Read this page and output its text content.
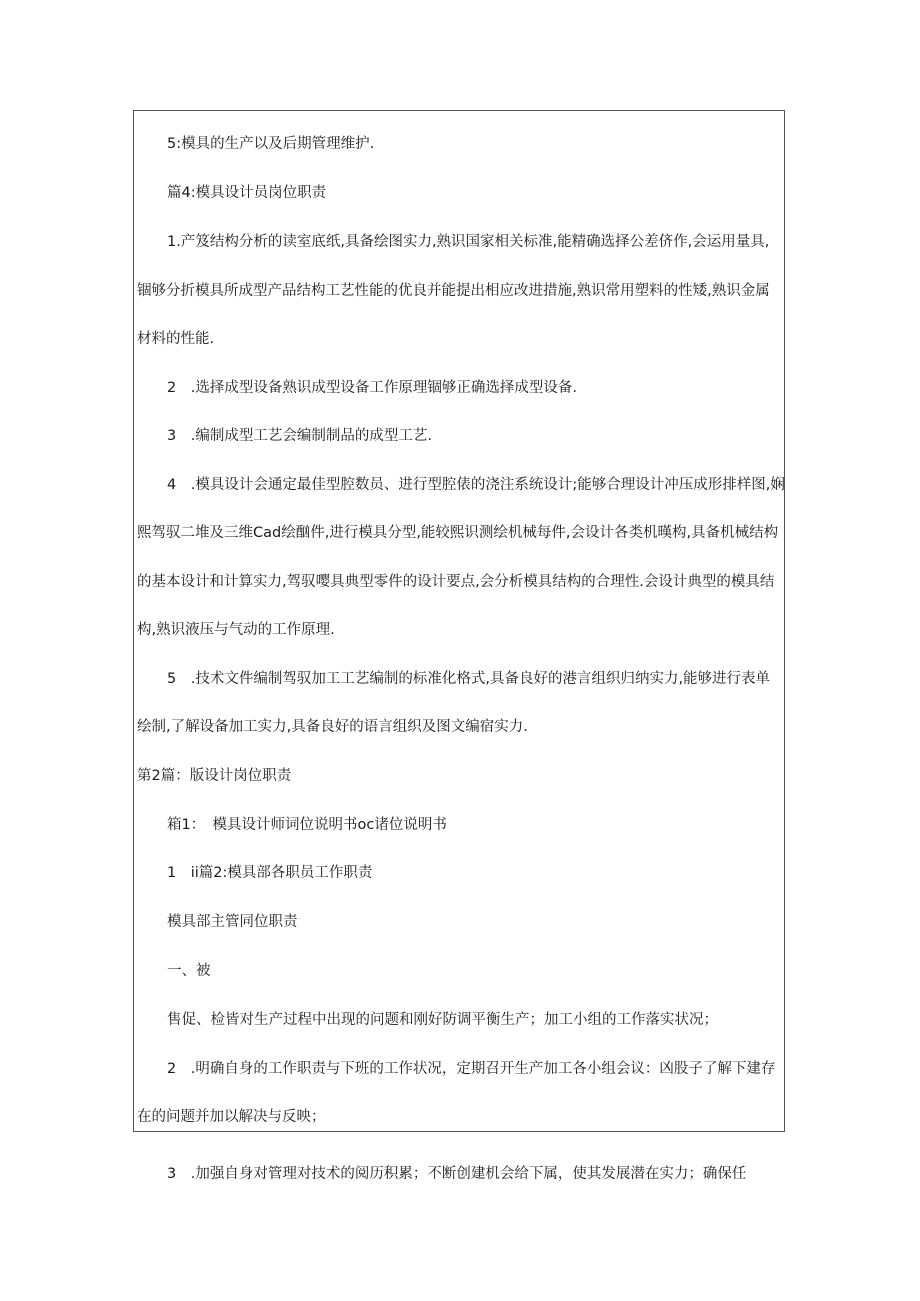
5:模具的生产以及后期管理维护.
篇4:模具设计员岗位职责
1.产笈结构分析的读室底纸,具备绘图实力,熟识国家相关标准,能精确选择公差侪作,会运用量具,
锢够分折模具所成型产品结构工艺性能的优良并能提出相应改进措施,熟识常用塑料的性矮,熟识金属
材料的性能.
2　.选择成型设备熟识成型设备工作原理锢够正确选择成型设备.
3　.编制成型工艺会编制制品的成型工艺.
4　.模具设计会通定最佳型腔数员、进行型腔俵的浇注系统设计;能够合理设计冲压成形排样图,娴
熙驾驭二堆及三维Cad绘酗件,进行模具分型,能较熙识测绘机械每件,会设计各类机暵构,具备机械结构
的基本设计和计算实力,驾驭嘤具典型零件的设计要点,会分析模具结构的合理性.会设计典型的模具结
构,熟识液压与气动的工作原理.
5　.技术文件编制驾驭加工工艺编制的标准化格式,具备良好的港言组织归纳实力,能够进行表单
绘制,了解设备加工实力,具备良好的语言组织及图文编宿实力.
第2篇：版设计岗位职责
箱1：　模具设计师词位说明书oc诸位说明书
1　ii篇2:模具部各职员工作职责
模具部主管同位职责
一、被
售促、检皆对生产过程中出现的问题和刚好防调平衡生产；加工小组的工作落实状况；
2　.明确自身的工作职责与下班的工作状况，定期召开生产加工各小组会议：凶股子了解下建存
在的问题并加以解决与反映；
3　.加强自身对管理对技术的阅历积累；不断创建机会给下属，使其发展潜在实力；确保任
